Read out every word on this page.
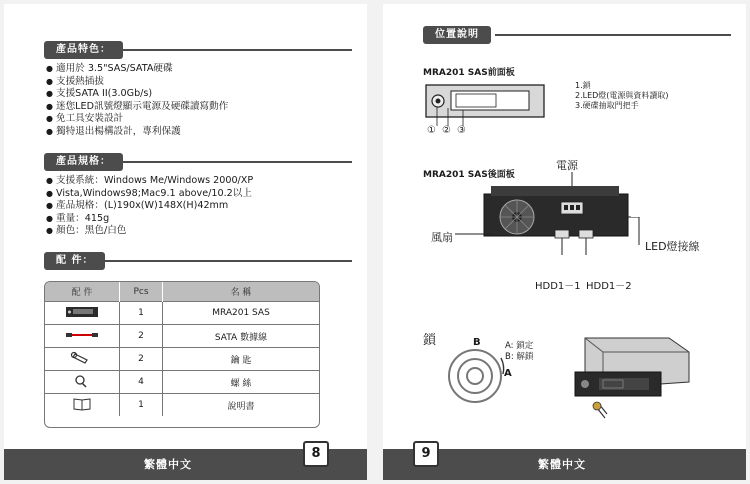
產品特色：
● 適用於 3.5"SAS/SATA硬碟
● 支援熱插拔
● 支援SATA II(3.0Gb/s)
● 迷您LED訊號燈顯示電源及硬碟讀寫動作
● 免工具安裝設計
● 獨特退出楊構設計，專利保護
產品規格：
● 支援系統：Windows Me/Windows 2000/XP
● Vista,Windows98;Mac9.1 above/10.2以上
● 產品規格：(L)190x(W)148X(H)42mm
● 重量：415g
● 顏色：黑色/白色
配 件：
配 件	Pcs	名 稱
	1	MRA201 SAS
	2	SATA 數據線
	2	鑰 匙
	4	螺 絲
	1	說明書
繁體中文
8
位置說明
MRA201 SAS前面板
① ② ③
1.鎖
2.LED燈(電源與資料讀取)
3.硬碟抽取門把手
MRA201 SAS後面板
電源
風扇
LED燈接線
HDD1－1 HDD1－2
鎖	B
A
A: 鎖定
B: 解鎖
繁體中文
9
